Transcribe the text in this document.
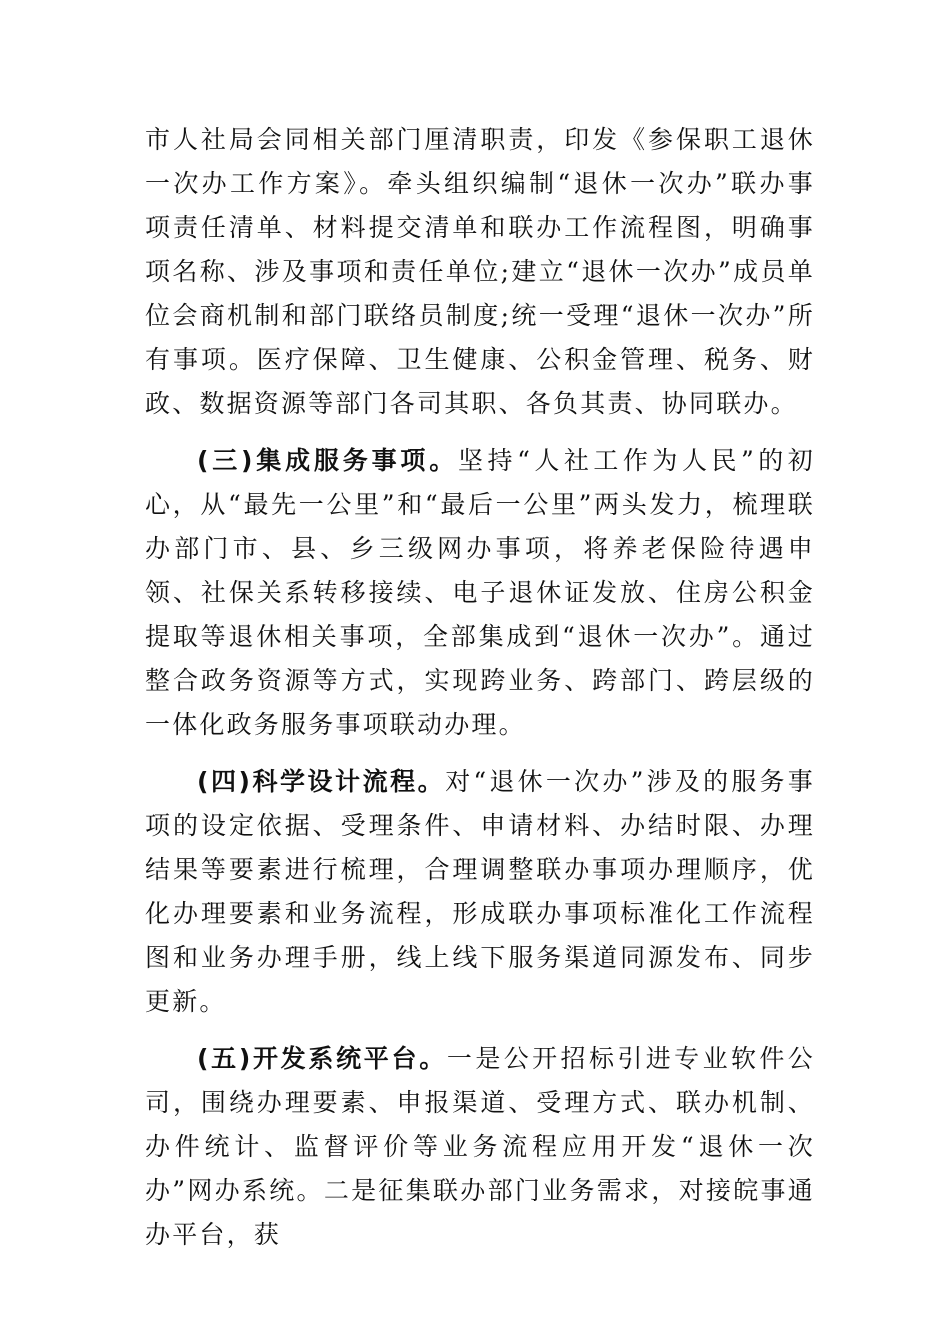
市人社局会同相关部门厘清职责，印发《参保职工退休一次办工作方案》。牵头组织编制“退休一次办”联办事项责任清单、材料提交清单和联办工作流程图，明确事项名称、涉及事项和责任单位;建立“退休一次办”成员单位会商机制和部门联络员制度;统一受理“退休一次办”所有事项。医疗保障、卫生健康、公积金管理、税务、财政、数据资源等部门各司其职、各负其责、协同联办。

(三)集成服务事项。坚持“人社工作为人民”的初心，从“最先一公里”和“最后一公里”两头发力，梳理联办部门市、县、乡三级网办事项，将养老保险待遇申领、社保关系转移接续、电子退休证发放、住房公积金提取等退休相关事项，全部集成到“退休一次办”。通过整合政务资源等方式，实现跨业务、跨部门、跨层级的一体化政务服务事项联动办理。

(四)科学设计流程。对“退休一次办”涉及的服务事项的设定依据、受理条件、申请材料、办结时限、办理结果等要素进行梳理，合理调整联办事项办理顺序，优化办理要素和业务流程，形成联办事项标准化工作流程图和业务办理手册，线上线下服务渠道同源发布、同步更新。

(五)开发系统平台。一是公开招标引进专业软件公司，围绕办理要素、申报渠道、受理方式、联办机制、办件统计、监督评价等业务流程应用开发“退休一次办”网办系统。二是征集联办部门业务需求，对接皖事通办平台，获
